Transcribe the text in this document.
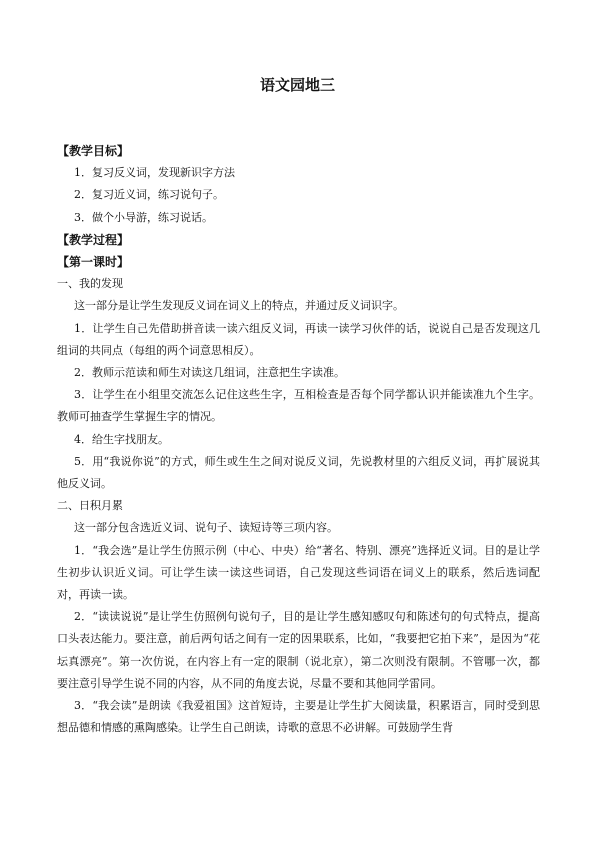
语文园地三

【教学目标】

1．复习反义词，发现新识字方法

2．复习近义词，练习说句子。

3．做个小导游，练习说话。

【教学过程】

【第一课时】

一、我的发现

这一部分是让学生发现反义词在词义上的特点，并通过反义词识字。

1．让学生自己先借助拼音读一读六组反义词，再读一读学习伙伴的话，说说自己是否发现这几组词的共同点（每组的两个词意思相反）。

2．教师示范读和师生对读这几组词，注意把生字读准。

3．让学生在小组里交流怎么记住这些生字，互相检查是否每个同学都认识并能读准九个生字。教师可抽查学生掌握生字的情况。

4．给生字找朋友。

5．用“我说你说”的方式，师生或生生之间对说反义词，先说教材里的六组反义词，再扩展说其他反义词。

二、日积月累

这一部分包含选近义词、说句子、读短诗等三项内容。

1．“我会选”是让学生仿照示例（中心、中央）给“著名、特别、漂亮”选择近义词。目的是让学生初步认识近义词。可让学生读一读这些词语，自己发现这些词语在词义上的联系，然后选词配对，再读一读。

2．“读读说说”是让学生仿照例句说句子，目的是让学生感知感叹句和陈述句的句式特点，提高口头表达能力。要注意，前后两句话之间有一定的因果联系，比如，“我要把它拍下来”，是因为“花坛真漂亮”。第一次仿说，在内容上有一定的限制（说北京），第二次则没有限制。不管哪一次，都要注意引导学生说不同的内容，从不同的角度去说，尽量不要和其他同学雷同。

3．“我会读”是朗读《我爱祖国》这首短诗，主要是让学生扩大阅读量，积累语言，同时受到思想品德和情感的熏陶感染。让学生自己朗读，诗歌的意思不必讲解。可鼓励学生背
